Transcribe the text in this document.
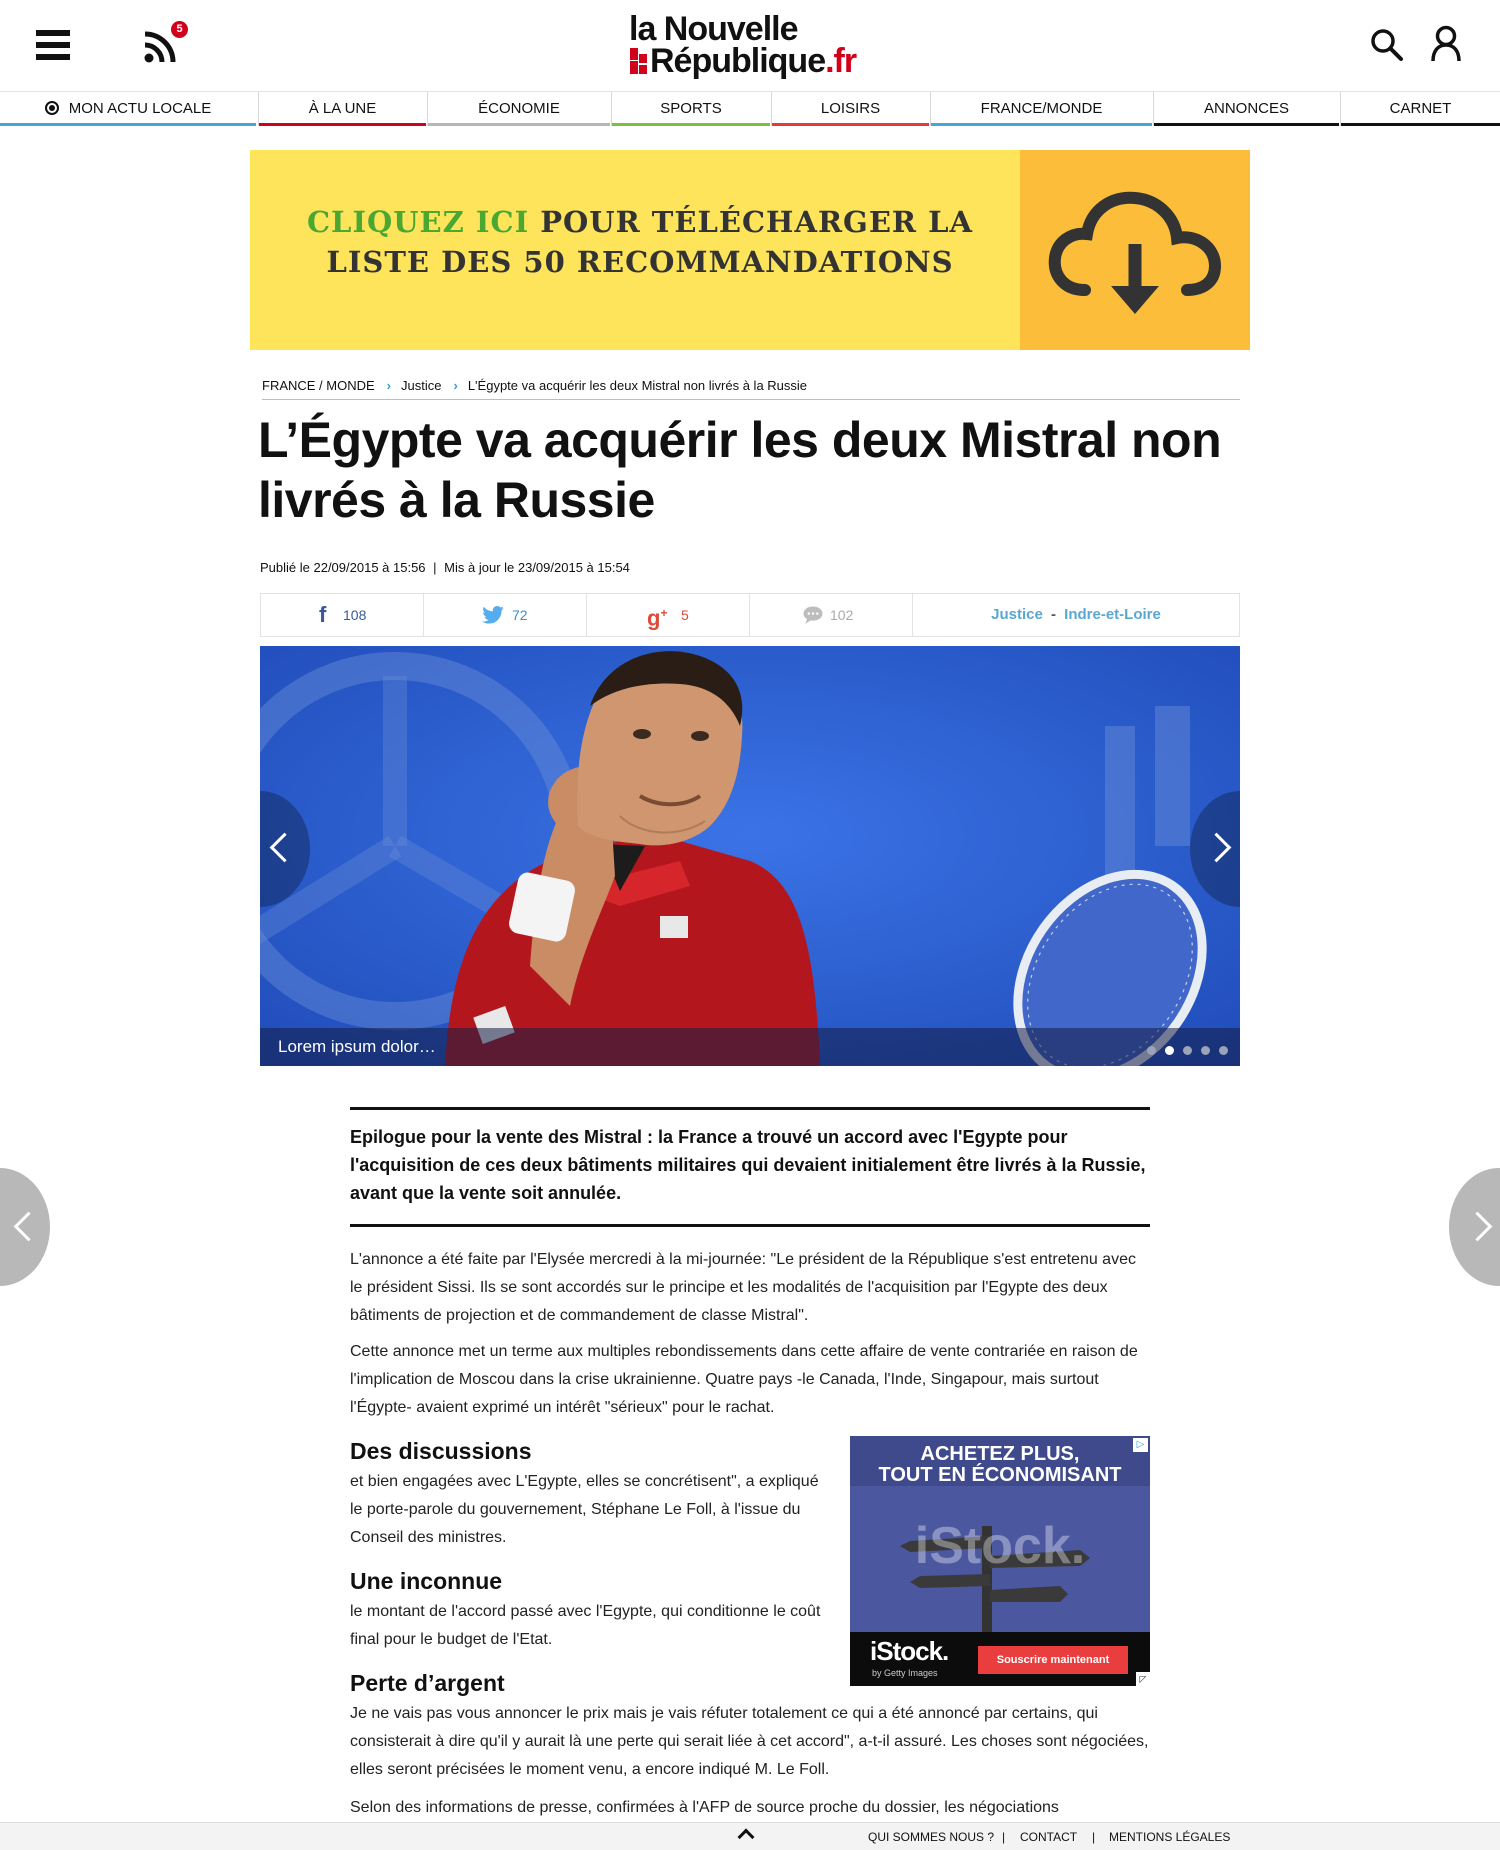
5	la Nouvelle
République.fr
MON ACTU LOCALE	À LA UNE	ÉCONOMIE	SPORTS	LOISIRS	FRANCE/MONDE	ANNONCES	CARNET
CLIQUEZ ICI POUR TÉLÉCHARGER LA
LISTE DES 50 RECOMMANDATIONS
FRANCE / MONDE › Justice › L'Égypte va acquérir les deux Mistral non livrés à la Russie
L’Égypte va acquérir les deux Mistral non livrés à la Russie
Publié le 22/09/2015 à 15:56 | Mis à jour le 23/09/2015 à 15:54
f 108	72	g+ 5	102	Justice - Indre-et-Loire
Lorem ipsum dolor…
Epilogue pour la vente des Mistral : la France a trouvé un accord avec l'Egypte pour l'acquisition de ces deux bâtiments militaires qui devaient initialement être livrés à la Russie, avant que la vente soit annulée.
L'annonce a été faite par l'Elysée mercredi à la mi-journée: "Le président de la République s'est entretenu avec le président Sissi. Ils se sont accordés sur le principe et les modalités de l'acquisition par l'Egypte des deux bâtiments de projection et de commandement de classe Mistral".
Cette annonce met un terme aux multiples rebondissements dans cette affaire de vente contrariée en raison de l'implication de Moscou dans la crise ukrainienne. Quatre pays -le Canada, l'Inde, Singapour, mais surtout l'Égypte- avaient exprimé un intérêt "sérieux" pour le rachat.
Des discussions
et bien engagées avec L'Egypte, elles se concrétisent", a expliqué le porte-parole du gouvernement, Stéphane Le Foll, à l'issue du Conseil des ministres.
Une inconnue
le montant de l'accord passé avec l'Egypte, qui conditionne le coût final pour le budget de l'Etat.
Perte d’argent
Je ne vais pas vous annoncer le prix mais je vais réfuter totalement ce qui a été annoncé par certains, qui consisterait à dire qu'il y aurait là une perte qui serait liée à cet accord", a-t-il assuré. Les choses sont négociées, elles seront précisées le moment venu, a encore indiqué M. Le Foll.
Selon des informations de presse, confirmées à l'AFP de source proche du dossier, les négociations
ACHETEZ PLUS,
TOUT EN ÉCONOMISANT
iStock.
iStock.
by Getty Images
Souscrire maintenant
▷
◸
QUI SOMMES NOUS ? | CONTACT | MENTIONS LÉGALES
